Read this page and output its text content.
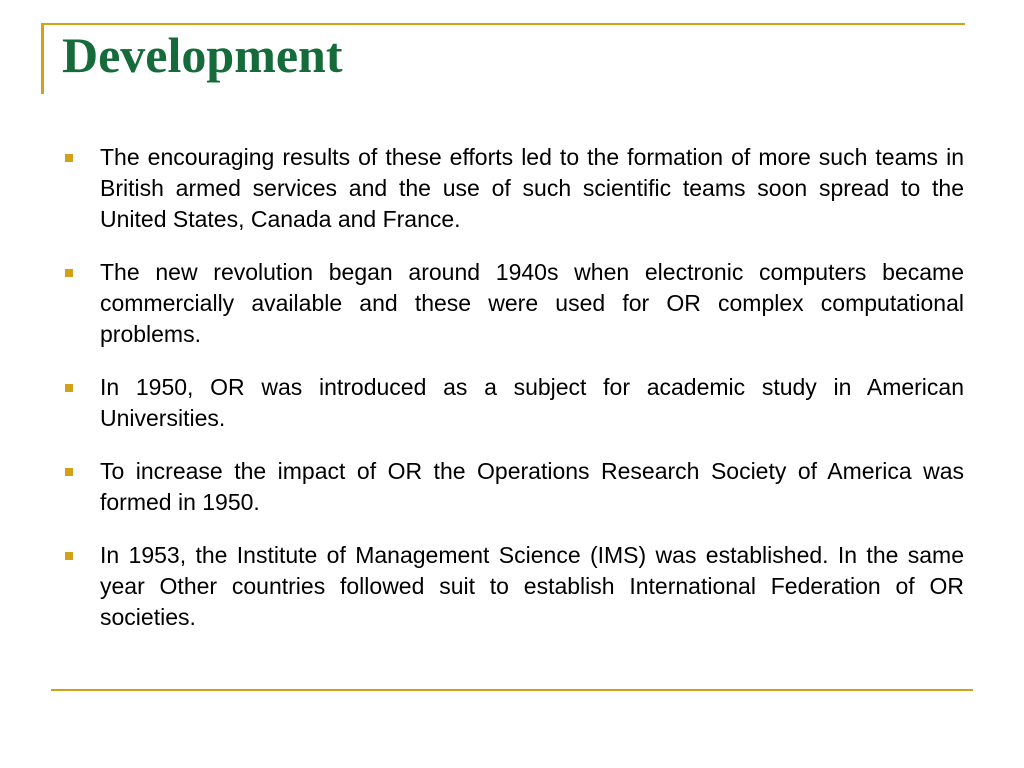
Development
The encouraging results of these efforts led to the formation of more such teams in British armed services and the use of such scientific teams soon spread to the United States, Canada and France.
The new revolution began around 1940s when electronic computers became commercially available and these were used for OR complex computational problems.
In 1950, OR was introduced as a subject for academic study in American Universities.
To increase the impact of OR the Operations Research Society of America was formed in 1950.
In 1953, the Institute of Management Science (IMS) was established. In the same year Other countries followed suit to establish International Federation of OR societies.
